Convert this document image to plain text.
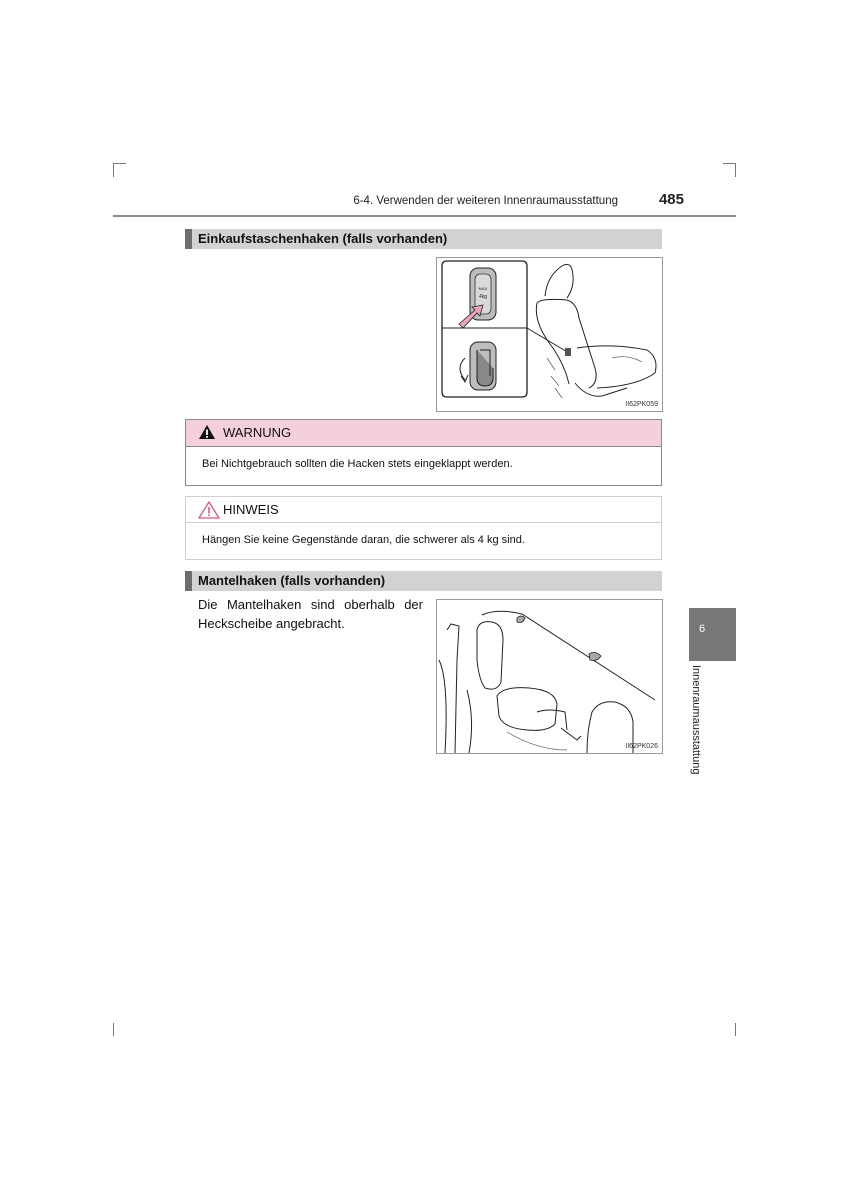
6-4. Verwenden der weiteren Innenraumausstattung	485
Einkaufstaschenhaken (falls vorhanden)
MAX
4kg
II62PK059
WARNUNG
Bei Nichtgebrauch sollten die Hacken stets eingeklappt werden.
HINWEIS
Hängen Sie keine Gegenstände daran, die schwerer als 4 kg sind.
Mantelhaken (falls vorhanden)
Die Mantelhaken sind oberhalb der
Heckscheibe angebracht.
II62PK026
6
Innenraumausstattung
